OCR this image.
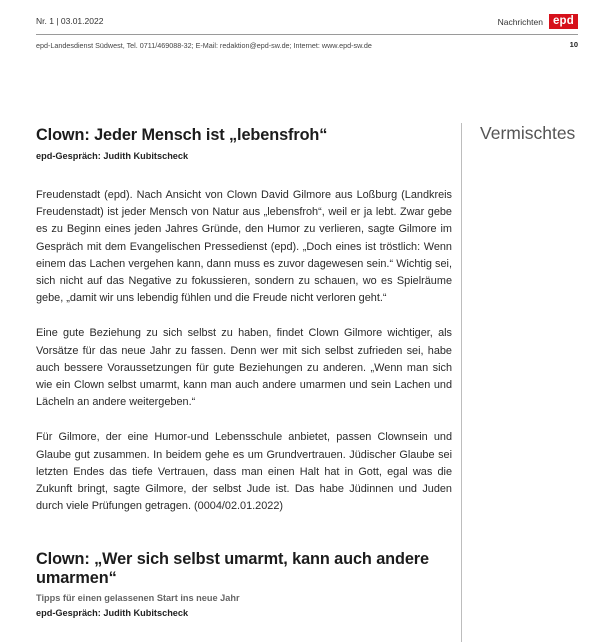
Nr. 1 | 03.01.2022	Nachrichten epd
epd-Landesdienst Südwest, Tel. 0711/469088-32; E-Mail: redaktion@epd-sw.de; Internet: www.epd-sw.de	10
Clown: Jeder Mensch ist „lebensfroh“
epd-Gespräch: Judith Kubitscheck

Freudenstadt (epd). Nach Ansicht von Clown David Gilmore aus Loßburg (Landkreis Freudenstadt) ist jeder Mensch von Natur aus „lebensfroh“, weil er ja lebt. Zwar gebe es zu Beginn eines jeden Jahres Gründe, den Humor zu verlieren, sagte Gilmore im Gespräch mit dem Evangelischen Pressedienst (epd). „Doch eines ist tröstlich: Wenn einem das Lachen vergehen kann, dann muss es zuvor dagewesen sein.“ Wichtig sei, sich nicht auf das Negative zu fokussieren, sondern zu schauen, wo es Spielräume gebe, „damit wir uns lebendig fühlen und die Freude nicht verloren geht.“

Eine gute Beziehung zu sich selbst zu haben, findet Clown Gilmore wichtiger, als Vorsätze für das neue Jahr zu fassen. Denn wer mit sich selbst zufrieden sei, habe auch bessere Voraussetzungen für gute Beziehungen zu anderen. „Wenn man sich wie ein Clown selbst umarmt, kann man auch andere umarmen und sein Lachen und Lächeln an andere weitergeben.“

Für Gilmore, der eine Humor-und Lebensschule anbietet, passen Clownsein und Glaube gut zusammen. In beidem gehe es um Grundvertrauen. Jüdischer Glaube sei letzten Endes das tiefe Vertrauen, dass man einen Halt hat in Gott, egal was die Zukunft bringt, sagte Gilmore, der selbst Jude ist. Das habe Jüdinnen und Juden durch viele Prüfungen getragen. (0004/02.01.2022)

Clown: „Wer sich selbst umarmt, kann auch andere umarmen“
Tipps für einen gelassenen Start ins neue Jahr
epd-Gespräch: Judith Kubitscheck
Vermischtes
